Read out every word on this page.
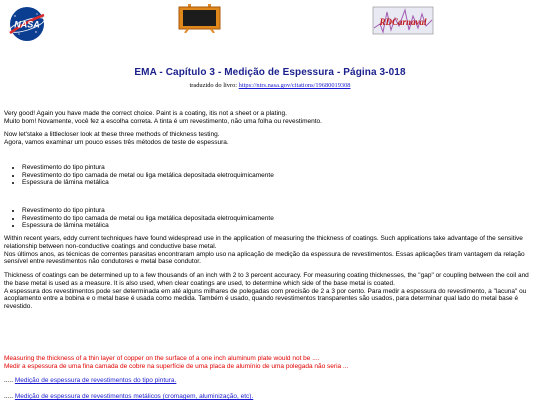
NASA	RDCarnaval
EMA - Capítulo 3 - Medição de Espessura - Página 3-018
traduzido do livro: https://ntrs.nasa.gov/citations/19680019308

Very good! Again you have made the correct choice. Paint is a coating, itis not a sheet or a plating.

Muito bom! Novamente, você fez a escolha correta. A tinta é um revestimento, não uma folha ou revestimento.

Now let'stake a littlecloser look at these three methods of thickness testing.

Agora, vamos examinar um pouco esses três métodos de teste de espessura.

• Revestimento do tipo pintura
• Revestimento do tipo camada de metal ou liga metálica depositada eletroquimicamente
• Espessura de lâmina metálica
• Revestimento do tipo pintura
• Revestimento do tipo camada de metal ou liga metálica depositada eletroquimicamente
• Espessura de lâmina metálica

Within recent years, eddy current techniques have found widespread use in the application of measuring the thickness of coatings. Such applications take advantage of the sensitive relationship between non-conductive coatings and conductive base metal.

Nos últimos anos, as técnicas de correntes parasitas encontraram amplo uso na aplicação de medição da espessura de revestimentos. Essas aplicações tiram vantagem da relação sensível entre revestimentos não condutores e metal base condutor.

Thickness of coatings can be determined up to a few thousands of an inch with 2 to 3 percent accuracy. For measuring coating thicknesses, the "gap" or coupling between the coil and the base metal is used as a measure. It is also used, when clear coatings are used, to determine which side of the base metal is coated.

A espessura dos revestimentos pode ser determinada em até alguns milhares de polegadas com precisão de 2 a 3 por cento. Para medir a espessura do revestimento, a "lacuna" ou acoplamento entre a bobina e o metal base é usada como medida. Também é usado, quando revestimentos transparentes são usados, para determinar qual lado do metal base é revestido.

Measuring the thickness of a thin layer of copper on the surface of a one inch aluminum plate would not be ....

Medir a espessura de uma fina camada de cobre na superfície de uma placa de alumínio de uma polegada não seria ...

..... Medição de espessura de revestimentos do tipo pintura.
..... Medição de espessura de revestimentos metálicos (cromagem, aluminização, etc).
